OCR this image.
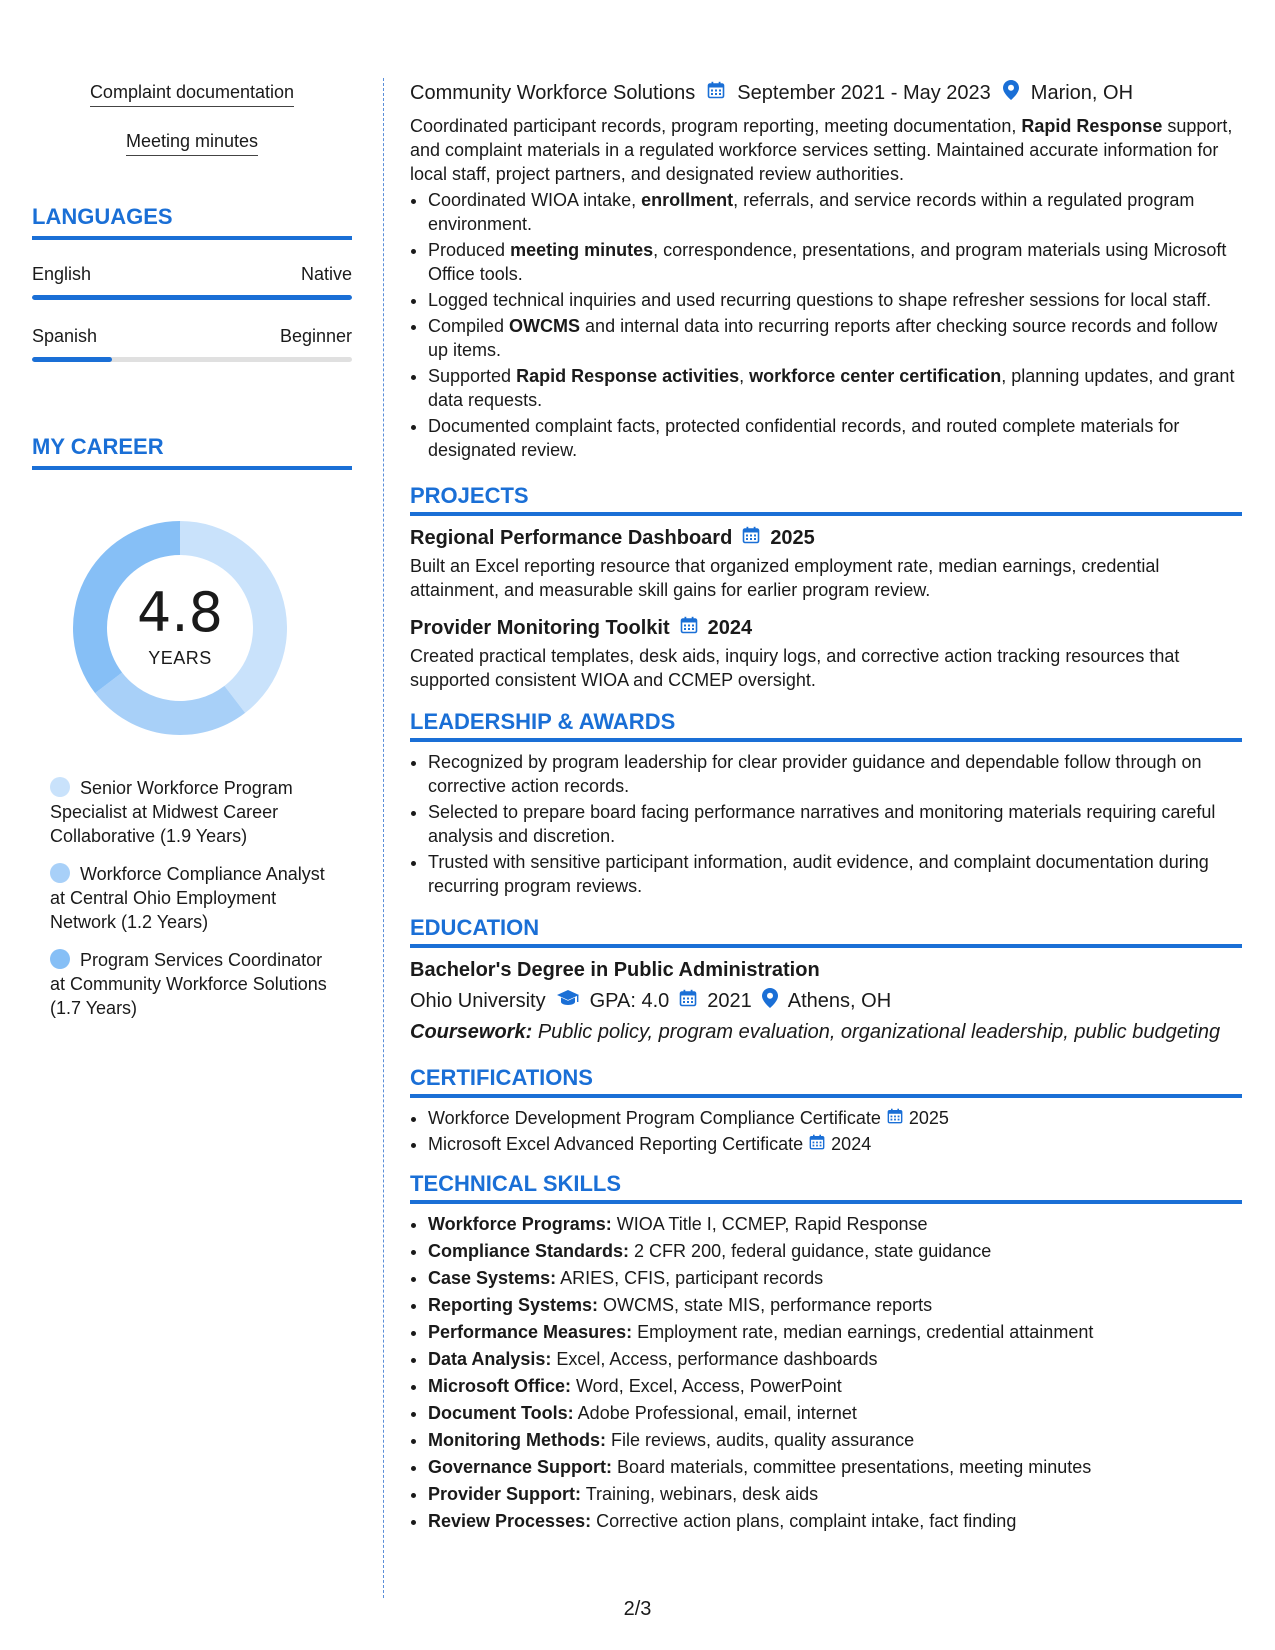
Complaint documentation
Meeting minutes
LANGUAGES
English	Native
Spanish	Beginner
MY CAREER
4.8
YEARS
Senior Workforce Program Specialist at Midwest Career Collaborative (1.9 Years)
Workforce Compliance Analyst at Central Ohio Employment Network (1.2 Years)
Program Services Coordinator at Community Workforce Solutions (1.7 Years)
Community Workforce Solutions September 2021 - May 2023 Marion, OH

Coordinated participant records, program reporting, meeting documentation, Rapid Response support, and complaint materials in a regulated workforce services setting. Maintained accurate information for local staff, project partners, and designated review authorities.

• Coordinated WIOA intake, enrollment, referrals, and service records within a regulated program environment.
• Produced meeting minutes, correspondence, presentations, and program materials using Microsoft Office tools.
• Logged technical inquiries and used recurring questions to shape refresher sessions for local staff.
• Compiled OWCMS and internal data into recurring reports after checking source records and follow up items.
• Supported Rapid Response activities, workforce center certification, planning updates, and grant data requests.
• Documented complaint facts, protected confidential records, and routed complete materials for designated review.
PROJECTS
Regional Performance Dashboard 2025

Built an Excel reporting resource that organized employment rate, median earnings, credential attainment, and measurable skill gains for earlier program review.

Provider Monitoring Toolkit 2024

Created practical templates, desk aids, inquiry logs, and corrective action tracking resources that supported consistent WIOA and CCMEP oversight.

LEADERSHIP & AWARDS
• Recognized by program leadership for clear provider guidance and dependable follow through on corrective action records.
• Selected to prepare board facing performance narratives and monitoring materials requiring careful analysis and discretion.
• Trusted with sensitive participant information, audit evidence, and complaint documentation during recurring program reviews.
EDUCATION
Bachelor's Degree in Public Administration
Ohio University GPA: 4.0 2021 Athens, OH
Coursework: Public policy, program evaluation, organizational leadership, public budgeting
CERTIFICATIONS
• Workforce Development Program Compliance Certificate 2025
• Microsoft Excel Advanced Reporting Certificate 2024
TECHNICAL SKILLS
• Workforce Programs: WIOA Title I, CCMEP, Rapid Response
• Compliance Standards: 2 CFR 200, federal guidance, state guidance
• Case Systems: ARIES, CFIS, participant records
• Reporting Systems: OWCMS, state MIS, performance reports
• Performance Measures: Employment rate, median earnings, credential attainment
• Data Analysis: Excel, Access, performance dashboards
• Microsoft Office: Word, Excel, Access, PowerPoint
• Document Tools: Adobe Professional, email, internet
• Monitoring Methods: File reviews, audits, quality assurance
• Governance Support: Board materials, committee presentations, meeting minutes
• Provider Support: Training, webinars, desk aids
• Review Processes: Corrective action plans, complaint intake, fact finding
2/3
